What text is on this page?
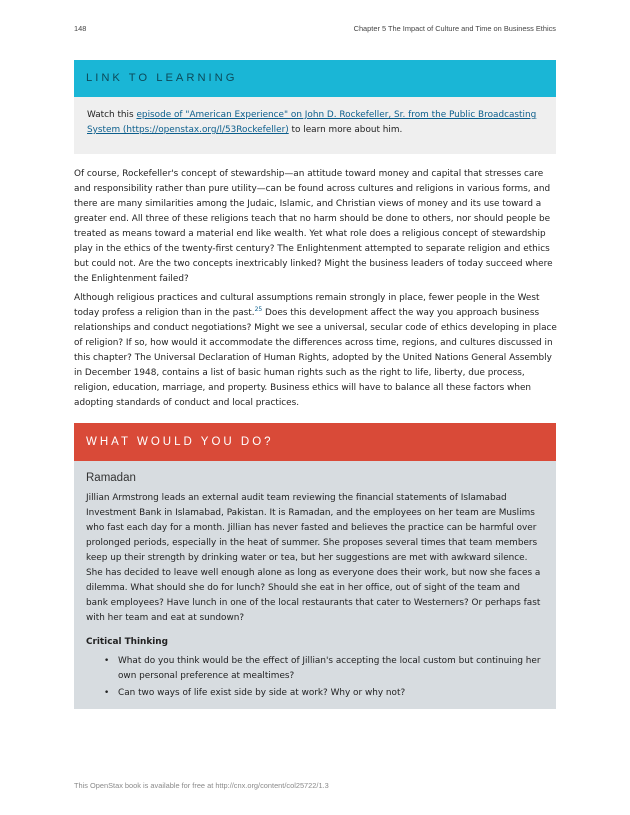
148	Chapter 5 The Impact of Culture and Time on Business Ethics
LINK TO LEARNING
Watch this episode of "American Experience" on John D. Rockefeller, Sr. from the Public Broadcasting System (https://openstax.org/l/53Rockefeller) to learn more about him.

Of course, Rockefeller's concept of stewardship—an attitude toward money and capital that stresses care and responsibility rather than pure utility—can be found across cultures and religions in various forms, and there are many similarities among the Judaic, Islamic, and Christian views of money and its use toward a greater end. All three of these religions teach that no harm should be done to others, nor should people be treated as means toward a material end like wealth. Yet what role does a religious concept of stewardship play in the ethics of the twenty-first century? The Enlightenment attempted to separate religion and ethics but could not. Are the two concepts inextricably linked? Might the business leaders of today succeed where the Enlightenment failed?

Although religious practices and cultural assumptions remain strongly in place, fewer people in the West today profess a religion than in the past.$^{25}$ Does this development affect the way you approach business relationships and conduct negotiations? Might we see a universal, secular code of ethics developing in place of religion? If so, how would it accommodate the differences across time, regions, and cultures discussed in this chapter? The Universal Declaration of Human Rights, adopted by the United Nations General Assembly in December 1948, contains a list of basic human rights such as the right to life, liberty, due process, religion, education, marriage, and property. Business ethics will have to balance all these factors when adopting standards of conduct and local practices.

WHAT WOULD YOU DO?
Ramadan

Jillian Armstrong leads an external audit team reviewing the financial statements of Islamabad Investment Bank in Islamabad, Pakistan. It is Ramadan, and the employees on her team are Muslims who fast each day for a month. Jillian has never fasted and believes the practice can be harmful over prolonged periods, especially in the heat of summer. She proposes several times that team members keep up their strength by drinking water or tea, but her suggestions are met with awkward silence. She has decided to leave well enough alone as long as everyone does their work, but now she faces a dilemma. What should she do for lunch? Should she eat in her office, out of sight of the team and bank employees? Have lunch in one of the local restaurants that cater to Westerners? Or perhaps fast with her team and eat at sundown?

Critical Thinking
• What do you think would be the effect of Jillian's accepting the local custom but continuing her own personal preference at mealtimes?
• Can two ways of life exist side by side at work? Why or why not?
This OpenStax book is available for free at http://cnx.org/content/col25722/1.3
